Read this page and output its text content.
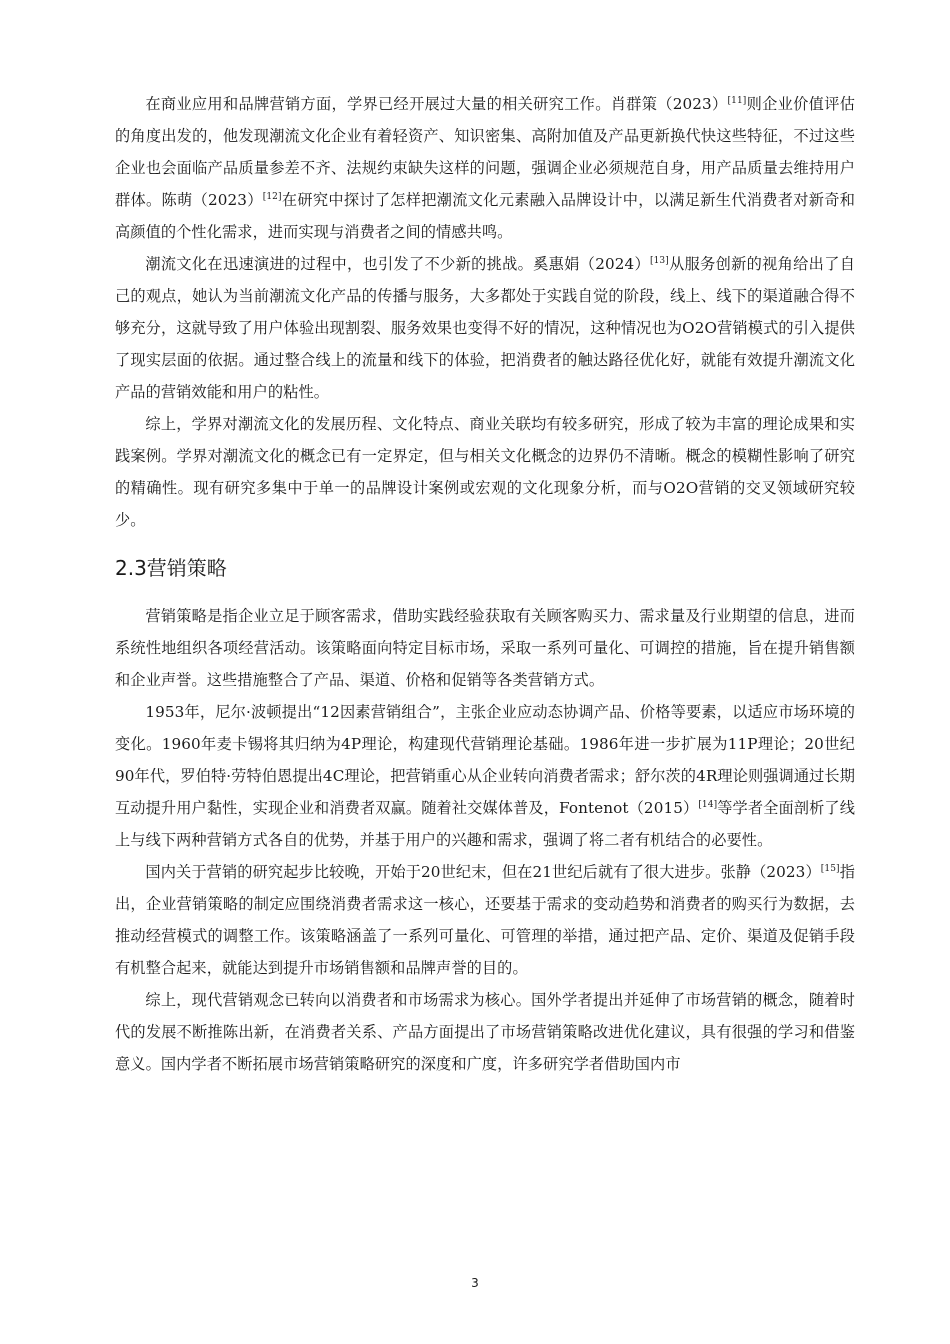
在商业应用和品牌营销方面，学界已经开展过大量的相关研究工作。肖群策（2023）[11]则企业价值评估的角度出发的，他发现潮流文化企业有着轻资产、知识密集、高附加值及产品更新换代快这些特征，不过这些企业也会面临产品质量参差不齐、法规约束缺失这样的问题，强调企业必须规范自身，用产品质量去维持用户群体。陈萌（2023）[12]在研究中探讨了怎样把潮流文化元素融入品牌设计中，以满足新生代消费者对新奇和高颜值的个性化需求，进而实现与消费者之间的情感共鸣。

潮流文化在迅速演进的过程中，也引发了不少新的挑战。奚惠娟（2024）[13]从服务创新的视角给出了自己的观点，她认为当前潮流文化产品的传播与服务，大多都处于实践自觉的阶段，线上、线下的渠道融合得不够充分，这就导致了用户体验出现割裂、服务效果也变得不好的情况，这种情况也为O2O营销模式的引入提供了现实层面的依据。通过整合线上的流量和线下的体验，把消费者的触达路径优化好，就能有效提升潮流文化产品的营销效能和用户的粘性。

综上，学界对潮流文化的发展历程、文化特点、商业关联均有较多研究，形成了较为丰富的理论成果和实践案例。学界对潮流文化的概念已有一定界定，但与相关文化概念的边界仍不清晰。概念的模糊性影响了研究的精确性。现有研究多集中于单一的品牌设计案例或宏观的文化现象分析，而与O2O营销的交叉领域研究较少。

2.3营销策略

营销策略是指企业立足于顾客需求，借助实践经验获取有关顾客购买力、需求量及行业期望的信息，进而系统性地组织各项经营活动。该策略面向特定目标市场，采取一系列可量化、可调控的措施，旨在提升销售额和企业声誉。这些措施整合了产品、渠道、价格和促销等各类营销方式。

1953年，尼尔·波顿提出“12因素营销组合”，主张企业应动态协调产品、价格等要素，以适应市场环境的变化。1960年麦卡锡将其归纳为4P理论，构建现代营销理论基础。1986年进一步扩展为11P理论；20世纪90年代，罗伯特·劳特伯恩提出4C理论，把营销重心从企业转向消费者需求；舒尔茨的4R理论则强调通过长期互动提升用户黏性，实现企业和消费者双赢。随着社交媒体普及，Fontenot（2015）[14]等学者全面剖析了线上与线下两种营销方式各自的优势，并基于用户的兴趣和需求，强调了将二者有机结合的必要性。

国内关于营销的研究起步比较晚，开始于20世纪末，但在21世纪后就有了很大进步。张静（2023）[15]指出，企业营销策略的制定应围绕消费者需求这一核心，还要基于需求的变动趋势和消费者的购买行为数据，去推动经营模式的调整工作。该策略涵盖了一系列可量化、可管理的举措，通过把产品、定价、渠道及促销手段有机整合起来，就能达到提升市场销售额和品牌声誉的目的。

综上，现代营销观念已转向以消费者和市场需求为核心。国外学者提出并延伸了市场营销的概念，随着时代的发展不断推陈出新，在消费者关系、产品方面提出了市场营销策略改进优化建议，具有很强的学习和借鉴意义。国内学者不断拓展市场营销策略研究的深度和广度，许多研究学者借助国内市

3
